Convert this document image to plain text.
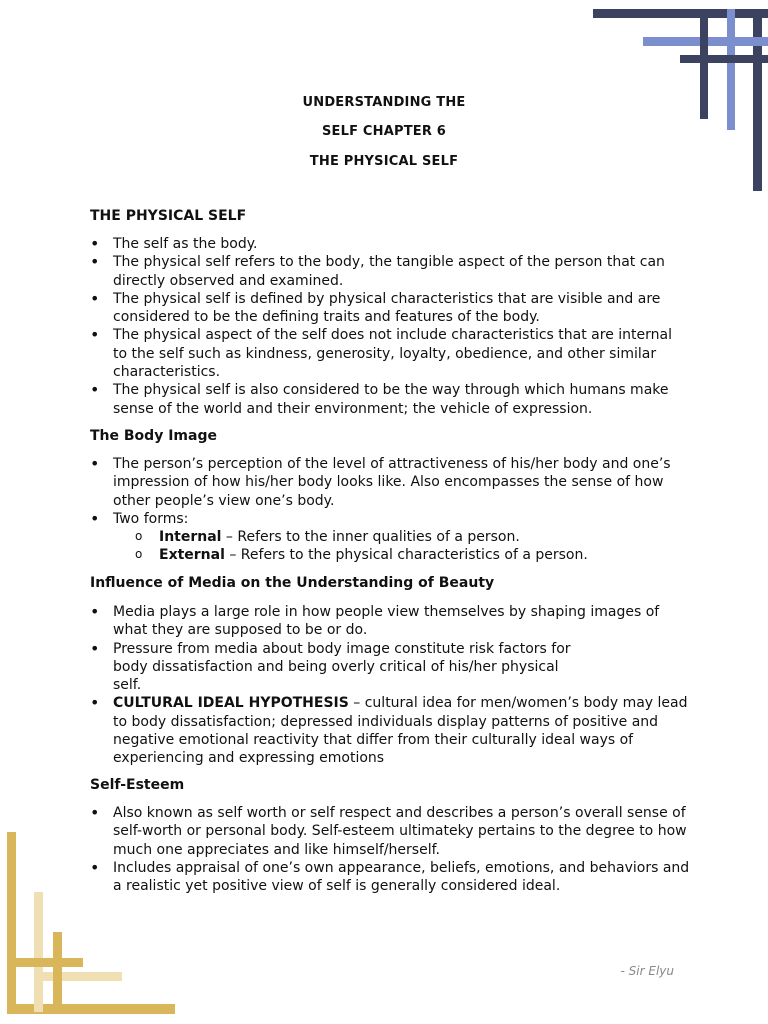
UNDERSTANDING THE
SELF CHAPTER 6
THE PHYSICAL SELF
THE PHYSICAL SELF
• The self as the body.
• The physical self refers to the body, the tangible aspect of the person that can directly observed and examined.
• The physical self is defined by physical characteristics that are visible and are considered to be the defining traits and features of the body.
• The physical aspect of the self does not include characteristics that are internal to the self such as kindness, generosity, loyalty, obedience, and other similar characteristics.
• The physical self is also considered to be the way through which humans make sense of the world and their environment; the vehicle of expression.
The Body Image
• The person’s perception of the level of attractiveness of his/her body and one’s impression of how his/her body looks like. Also encompasses the sense of how other people’s view one’s body.
• Two forms:
o Internal – Refers to the inner qualities of a person.
o External – Refers to the physical characteristics of a person.
Influence of Media on the Understanding of Beauty
• Media plays a large role in how people view themselves by shaping images of what they are supposed to be or do.
• Pressure from media about body image constitute risk factors for body dissatisfaction and being overly critical of his/her physical self.
• CULTURAL IDEAL HYPOTHESIS – cultural idea for men/women’s body may lead to body dissatisfaction; depressed individuals display patterns of positive and negative emotional reactivity that differ from their culturally ideal ways of experiencing and expressing emotions
Self-Esteem
• Also known as self worth or self respect and describes a person’s overall sense of self-worth or personal body. Self-esteem ultimateky pertains to the degree to how much one appreciates and like himself/herself.
• Includes appraisal of one’s own appearance, beliefs, emotions, and behaviors and a realistic yet positive view of self is generally considered ideal.
- Sir Elyu
